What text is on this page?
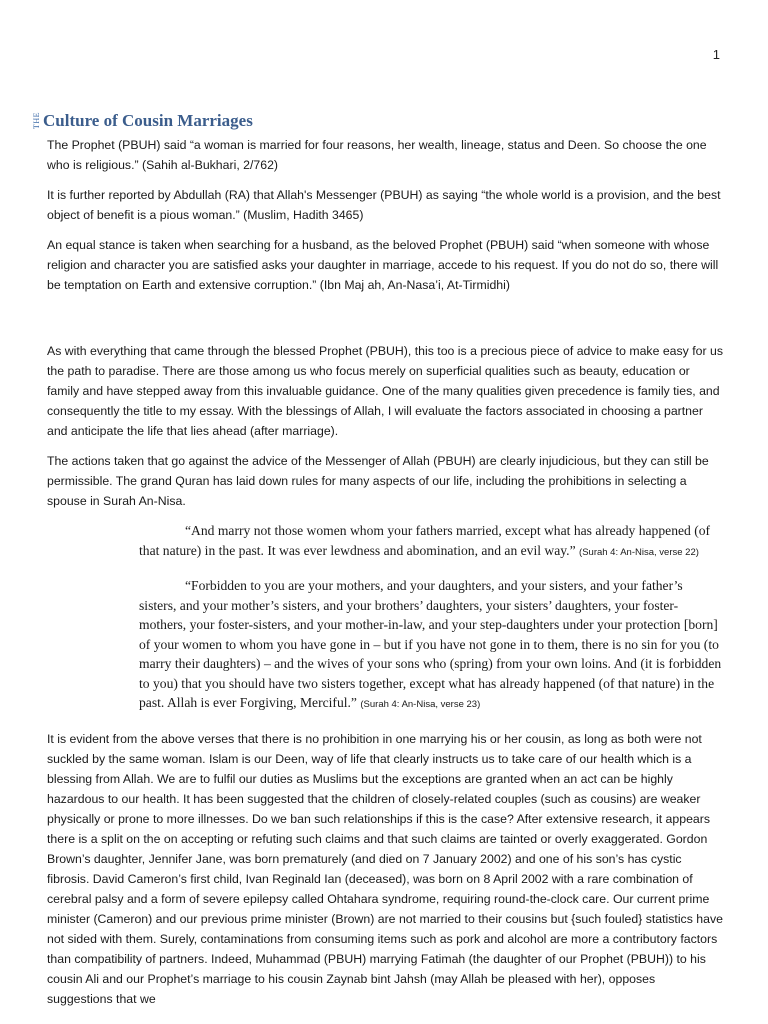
1
THE Culture of Cousin Marriages

The Prophet (PBUH) said “a woman is married for four reasons, her wealth, lineage, status and Deen. So choose the one who is religious.” (Sahih al-Bukhari, 2/762)

It is further reported by Abdullah (RA) that Allah's Messenger (PBUH) as saying “the whole world is a provision, and the best object of benefit is a pious woman.” (Muslim, Hadith 3465)

An equal stance is taken when searching for a husband, as the beloved Prophet (PBUH) said “when someone with whose religion and character you are satisfied asks your daughter in marriage, accede to his request. If you do not do so, there will be temptation on Earth and extensive corruption.” (Ibn Maj ah, An-Nasa’i, At-Tirmidhi)

As with everything that came through the blessed Prophet (PBUH), this too is a precious piece of advice to make easy for us the path to paradise. There are those among us who focus merely on superficial qualities such as beauty, education or family and have stepped away from this invaluable guidance. One of the many qualities given precedence is family ties, and consequently the title to my essay. With the blessings of Allah, I will evaluate the factors associated in choosing a partner and anticipate the life that lies ahead (after marriage).

The actions taken that go against the advice of the Messenger of Allah (PBUH) are clearly injudicious, but they can still be permissible. The grand Quran has laid down rules for many aspects of our life, including the prohibitions in selecting a spouse in Surah An-Nisa.

“And marry not those women whom your fathers married, except what has already happened (of that nature) in the past. It was ever lewdness and abomination, and an evil way.” (Surah 4: An-Nisa, verse 22)
“Forbidden to you are your mothers, and your daughters, and your sisters, and your father’s sisters, and your mother’s sisters, and your brothers’ daughters, your sisters’ daughters, your foster-mothers, your foster-sisters, and your mother-in-law, and your step-daughters under your protection [born] of your women to whom you have gone in – but if you have not gone in to them, there is no sin for you (to marry their daughters) – and the wives of your sons who (spring) from your own loins. And (it is forbidden to you) that you should have two sisters together, except what has already happened (of that nature) in the past. Allah is ever Forgiving, Merciful.” (Surah 4: An-Nisa, verse 23)

It is evident from the above verses that there is no prohibition in one marrying his or her cousin, as long as both were not suckled by the same woman. Islam is our Deen, way of life that clearly instructs us to take care of our health which is a blessing from Allah. We are to fulfil our duties as Muslims but the exceptions are granted when an act can be highly hazardous to our health. It has been suggested that the children of closely-related couples (such as cousins) are weaker physically or prone to more illnesses. Do we ban such relationships if this is the case? After extensive research, it appears there is a split on the on accepting or refuting such claims and that such claims are tainted or overly exaggerated. Gordon Brown’s daughter, Jennifer Jane, was born prematurely (and died on 7 January 2002) and one of his son’s has cystic fibrosis. David Cameron’s first child, Ivan Reginald Ian (deceased), was born on 8 April 2002 with a rare combination of cerebral palsy and a form of severe epilepsy called Ohtahara syndrome, requiring round-the-clock care. Our current prime minister (Cameron) and our previous prime minister (Brown) are not married to their cousins but {such fouled} statistics have not sided with them. Surely, contaminations from consuming items such as pork and alcohol are more a contributory factors than compatibility of partners. Indeed, Muhammad (PBUH) marrying Fatimah (the daughter of our Prophet (PBUH)) to his cousin Ali and our Prophet’s marriage to his cousin Zaynab bint Jahsh (may Allah be pleased with her), opposes suggestions that we
